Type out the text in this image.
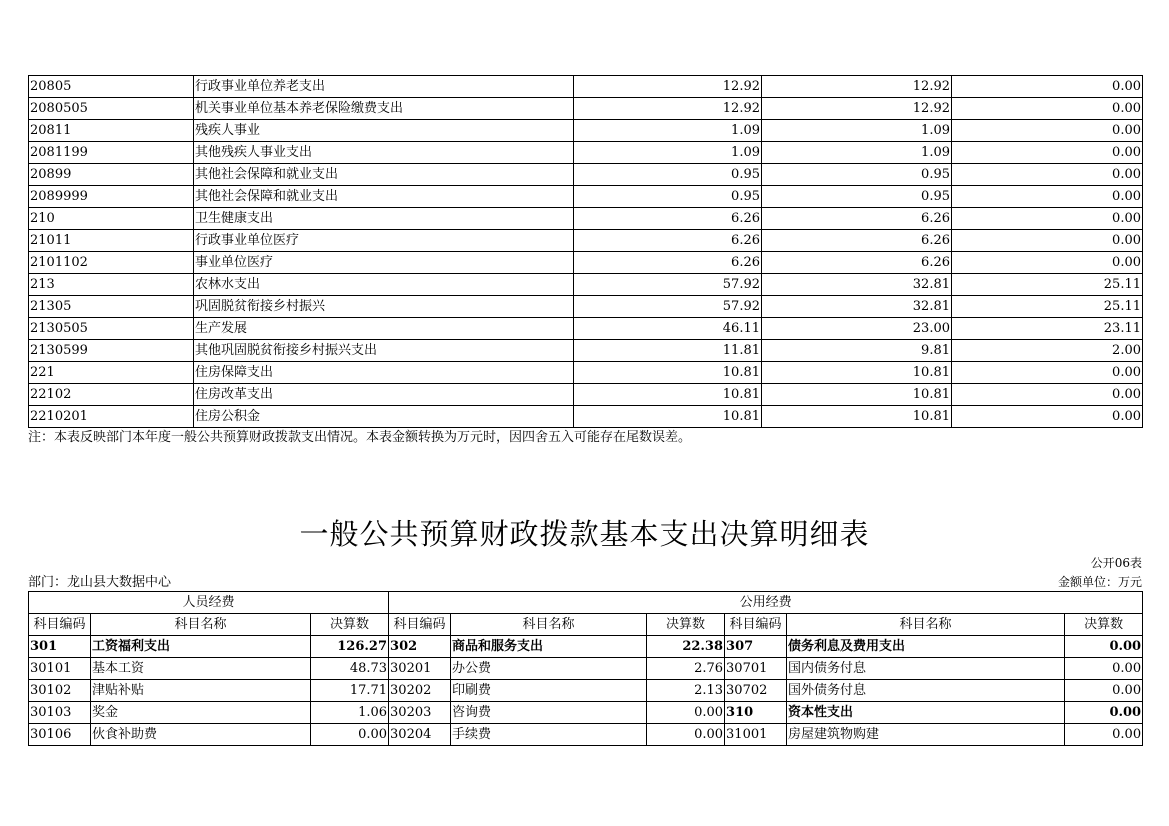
20805	行政事业单位养老支出	12.92	12.92	0.00
2080505	机关事业单位基本养老保险缴费支出	12.92	12.92	0.00
20811	残疾人事业	1.09	1.09	0.00
2081199	其他残疾人事业支出	1.09	1.09	0.00
20899	其他社会保障和就业支出	0.95	0.95	0.00
2089999	其他社会保障和就业支出	0.95	0.95	0.00
210	卫生健康支出	6.26	6.26	0.00
21011	行政事业单位医疗	6.26	6.26	0.00
2101102	事业单位医疗	6.26	6.26	0.00
213	农林水支出	57.92	32.81	25.11
21305	巩固脱贫衔接乡村振兴	57.92	32.81	25.11
2130505	生产发展	46.11	23.00	23.11
2130599	其他巩固脱贫衔接乡村振兴支出	11.81	9.81	2.00
221	住房保障支出	10.81	10.81	0.00
22102	住房改革支出	10.81	10.81	0.00
2210201	住房公积金	10.81	10.81	0.00
注：本表反映部门本年度一般公共预算财政拨款支出情况。本表金额转换为万元时，因四舍五入可能存在尾数误差。
一般公共预算财政拨款基本支出决算明细表
公开06表
部门：龙山县大数据中心	金额单位：万元
人员经费			公用经费					
科目编码	科目名称	决算数	科目编码	科目名称	决算数	科目编码	科目名称	决算数
301	工资福利支出	126.27	302	商品和服务支出	22.38	307	债务利息及费用支出	0.00
30101	基本工资	48.73	30201	办公费	2.76	30701	国内债务付息	0.00
30102	津贴补贴	17.71	30202	印刷费	2.13	30702	国外债务付息	0.00
30103	奖金	1.06	30203	咨询费	0.00	310	资本性支出	0.00
30106	伙食补助费	0.00	30204	手续费	0.00	31001	房屋建筑物购建	0.00
